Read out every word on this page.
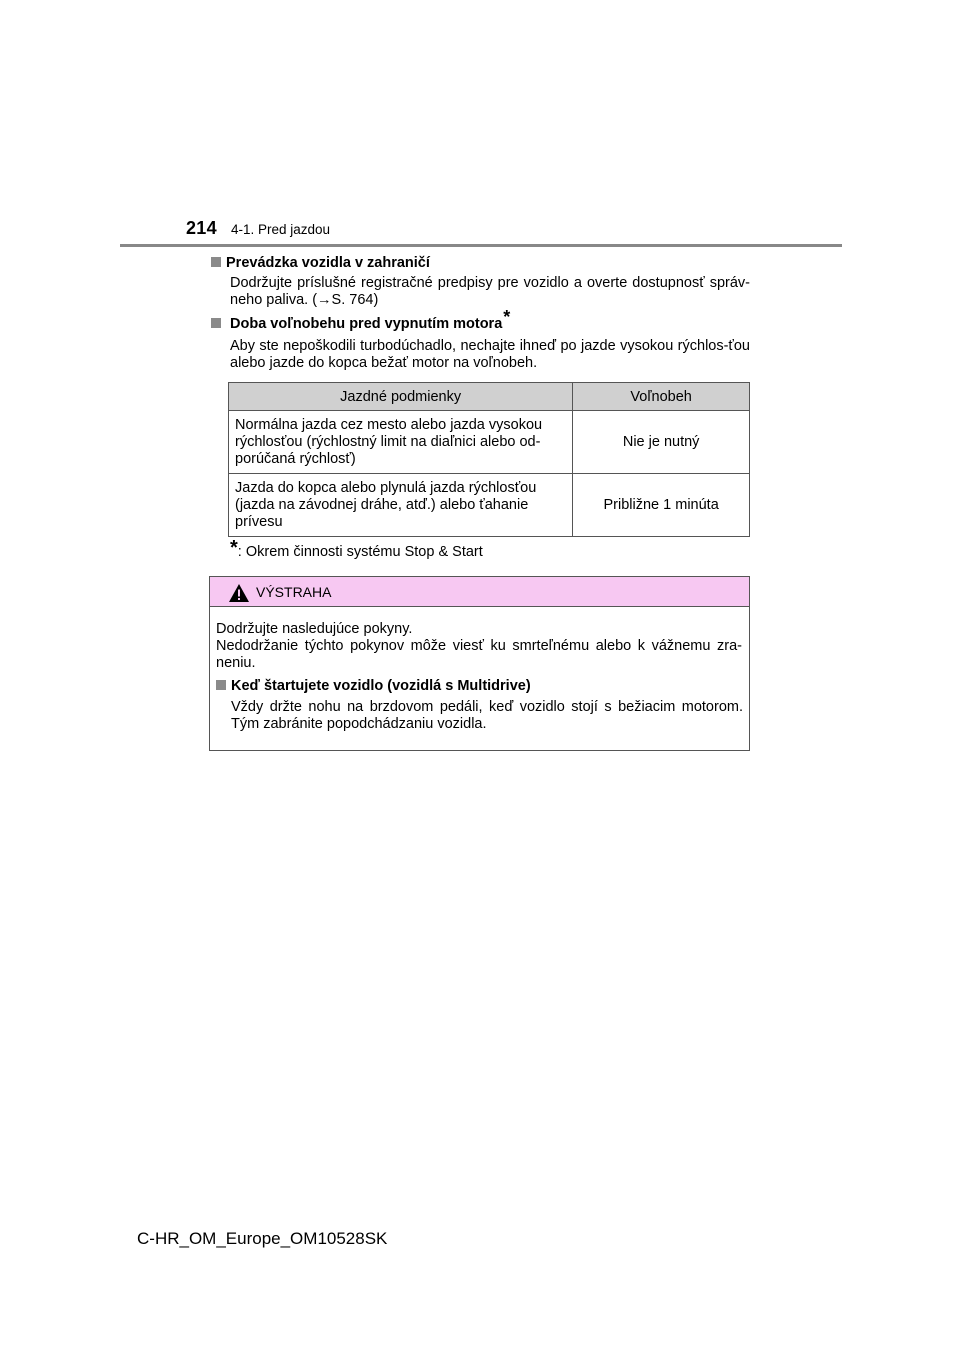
214 4-1. Pred jazdou
Prevádzka vozidla v zahraničí
Dodržujte príslušné registračné predpisy pre vozidlo a overte dostupnosť správ-neho paliva. (→S. 764)
Doba voľnobehu pred vypnutím motora*
Aby ste nepoškodili turbodúchadlo, nechajte ihneď po jazde vysokou rýchlos-ťou alebo jazde do kopca bežať motor na voľnobeh.
Jazdné podmienky	Voľnobeh
Normálna jazda cez mesto alebo jazda vysokou rýchlosťou (rýchlostný limit na diaľnici alebo od-porúčaná rýchlosť)	Nie je nutný
Jazda do kopca alebo plynulá jazda rýchlosťou (jazda na závodnej dráhe, atď.) alebo ťahanie prívesu	Približne 1 minúta
*: Okrem činnosti systému Stop & Start
VÝSTRAHA
Dodržujte nasledujúce pokyny.
Nedodržanie týchto pokynov môže viesť ku smrteľnému alebo k vážnemu zra-neniu.
Keď štartujete vozidlo (vozidlá s Multidrive)
Vždy držte nohu na brzdovom pedáli, keď vozidlo stojí s bežiacim motorom. Tým zabránite popodchádzaniu vozidla.
C-HR_OM_Europe_OM10528SK
